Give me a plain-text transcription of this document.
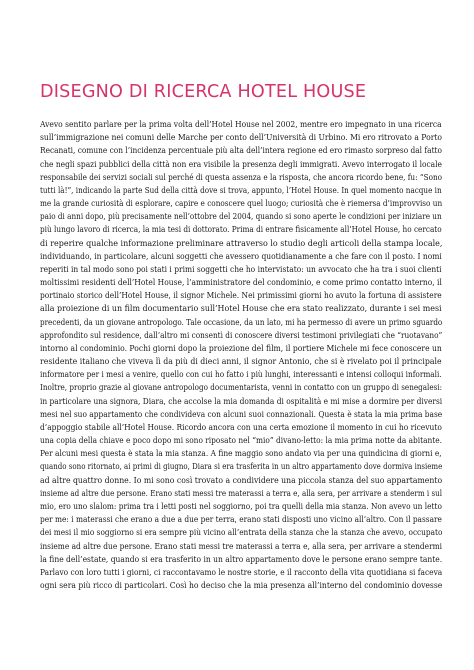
DISEGNO DI RICERCA HOTEL HOUSE
Avevo sentito parlare per la prima volta dell’Hotel House nel 2002, mentre ero impegnato in una ricerca
sull’immigrazione nei comuni delle Marche per conto dell’Università di Urbino. Mi ero ritrovato a Porto
Recanati, comune con l’incidenza percentuale più alta dell’intera regione ed ero rimasto sorpreso dal fatto
che negli spazi pubblici della città non era visibile la presenza degli immigrati. Avevo interrogato il locale
responsabile dei servizi sociali sul perché di questa assenza e la risposta, che ancora ricordo bene, fu: “Sono
tutti là!”, indicando la parte Sud della città dove si trova, appunto, l’Hotel House. In quel momento nacque in
me la grande curiosità di esplorare, capire e conoscere quel luogo; curiosità che è riemersa d’improvviso un
paio di anni dopo, più precisamente nell’ottobre del 2004, quando si sono aperte le condizioni per iniziare un
più lungo lavoro di ricerca, la mia tesi di dottorato. Prima di entrare fisicamente all’Hotel House, ho cercato
di reperire qualche informazione preliminare attraverso lo studio degli articoli della stampa locale,
individuando, in particolare, alcuni soggetti che avessero quotidianamente a che fare con il posto. I nomi
reperiti in tal modo sono poi stati i primi soggetti che ho intervistato: un avvocato che ha tra i suoi clienti
moltissimi residenti dell’Hotel House, l’amministratore del condominio, e come primo contatto interno, il
portinaio storico dell’Hotel House, il signor Michele. Nei primissimi giorni ho avuto la fortuna di assistere
alla proiezione di un film documentario sull’Hotel House che era stato realizzato, durante i sei mesi
precedenti, da un giovane antropologo. Tale occasione, da un lato, mi ha permesso di avere un primo sguardo
approfondito sul residence, dall’altro mi consentì di conoscere diversi testimoni privilegiati che “ruotavano”
intorno al condominio. Pochi giorni dopo la proiezione del film, il portiere Michele mi fece conoscere un
residente italiano che viveva lì da più di dieci anni, il signor Antonio, che si è rivelato poi il principale
informatore per i mesi a venire, quello con cui ho fatto i più lunghi, interessanti e intensi colloqui informali.
Inoltre, proprio grazie al giovane antropologo documentarista, venni in contatto con un gruppo di senegalesi:
in particolare una signora, Diara, che accolse la mia domanda di ospitalità e mi mise a dormire per diversi
mesi nel suo appartamento che condivideva con alcuni suoi connazionali. Questa è stata la mia prima base
d’appoggio stabile all’Hotel House. Ricordo ancora con una certa emozione il momento in cui ho ricevuto
una copia della chiave e poco dopo mi sono riposato nel “mio” divano-letto: la mia prima notte da abitante.
Per alcuni mesi questa è stata la mia stanza. A fine maggio sono andato via per una quindicina di giorni e,
quando sono ritornato, ai primi di giugno, Diara si era trasferita in un altro appartamento dove dormiva insieme
ad altre quattro donne. Io mi sono così trovato a condividere una piccola stanza del suo appartamento
insieme ad altre due persone. Erano stati messi tre materassi a terra e, alla sera, per arrivare a stenderm i sul
mio, ero uno slalom: prima tra i letti posti nel soggiorno, poi tra quelli della mia stanza. Non avevo un letto
per me: i materassi che erano a due a due per terra, erano stati disposti uno vicino all’altro. Con il passare
dei mesi il mio soggiorno si era sempre più vicino all’entrata della stanza che la stanza che avevo, occupato
insieme ad altre due persone. Erano stati messi tre materassi a terra e, alla sera, per arrivare a stendermi
la fine dell’estate, quando si era trasferito in un altro appartamento dove le persone erano sempre tante.
Parlavo con loro tutti i giorni, ci raccontavamo le nostre storie, e il racconto della vita quotidiana si faceva
ogni sera più ricco di particolari. Così ho deciso che la mia presenza all’interno del condominio dovesse
